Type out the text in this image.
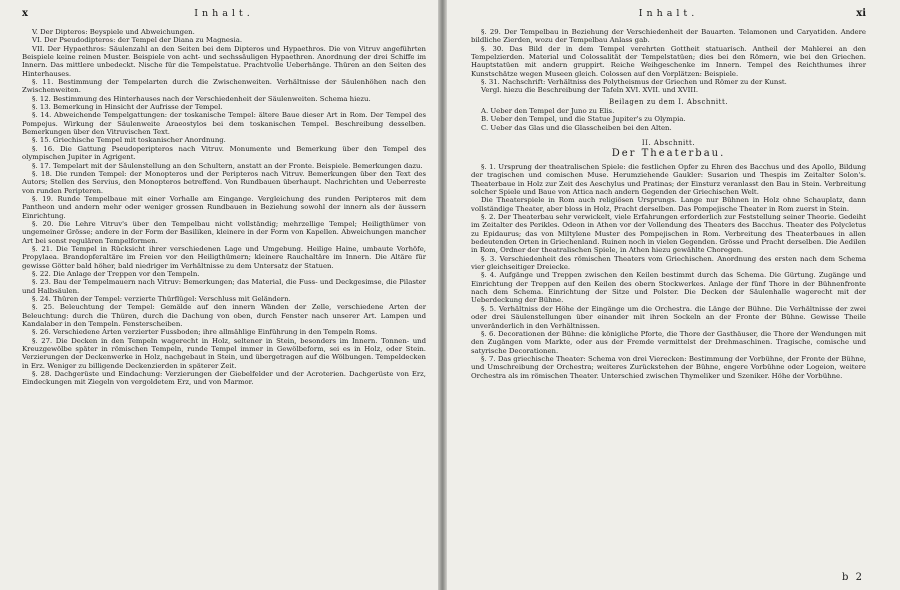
x	Inhalt.

V. Der Dipteros: Beyspiele und Abweichungen.

VI. Der Pseudodipteros: der Tempel der Diana zu Magnesia.

VII. Der Hypaethros: Säulenzahl an den Seiten bei dem Dipteros und Hypaethros. Die von Vitruv angeführten Beispiele keine reinen Muster. Beispiele von acht- und sechssäuligen Hypaethren. Anordnung der drei Schiffe im Innern. Das mittlere unbedeckt. Nische für die Tempelstatue. Prachtvolle Ueberhänge. Thüren an den Seiten des Hinterhauses.

§. 11. Bestimmung der Tempelarten durch die Zwischenweiten. Verhältnisse der Säulenhöhen nach den Zwischenweiten.

§. 12. Bestimmung des Hinterhauses nach der Verschiedenheit der Säulenweiten. Schema hiezu.

§. 13. Bemerkung in Hinsicht der Aufrisse der Tempel.

§. 14. Abweichende Tempelgattungen: der toskanische Tempel: ältere Baue dieser Art in Rom. Der Tempel des Pompejus. Wirkung der Säulenweite Araeostylos bei dem toskanischen Tempel. Beschreibung desselben. Bemerkungen über den Vitruvischen Text.

§. 15. Griechische Tempel mit toskanischer Anordnung.

§. 16. Die Gattung Pseudoperipteros nach Vitruv. Monumente und Bemerkung über den Tempel des olympischen Jupiter in Agrigent.

§. 17. Tempelart mit der Säulenstellung an den Schultern, anstatt an der Fronte. Beispiele. Bemerkungen dazu.

§. 18. Die runden Tempel: der Monopteros und der Peripteros nach Vitruv. Bemerkungen über den Text des Autors; Stellen des Servius, den Monopteros betreffend. Von Rundbauen überhaupt. Nachrichten und Ueberreste von runden Peripteren.

§. 19. Runde Tempelbaue mit einer Vorhalle am Eingange. Vergleichung des runden Peripteros mit dem Pantheon und andern mehr oder weniger grossen Rundbauen in Beziehung sowohl der innern als der äussern Einrichtung.

§. 20. Die Lehre Vitruv's über den Tempelbau nicht vollständig; mehrzellige Tempel; Heiligthümer von ungemeiner Grösse; andere in der Form der Basiliken, kleinere in der Form von Kapellen. Abweichungen mancher Art bei sonst regulären Tempelformen.

§. 21. Die Tempel in Rücksicht ihrer verschiedenen Lage und Umgebung. Heilige Haine, umbaute Vorhöfe, Propylaea. Brandopferaltäre im Freien vor den Heiligthümern; kleinere Rauchaltäre im Innern. Die Altäre für gewisse Götter bald höher, bald niedriger im Verhältnisse zu dem Untersatz der Statuen.

§. 22. Die Anlage der Treppen vor den Tempeln.

§. 23. Bau der Tempelmauern nach Vitruv: Bemerkungen; das Material, die Fuss- und Deckgesimse, die Pilaster und Halbsäulen.

§. 24. Thüren der Tempel: verzierte Thürflügel: Verschluss mit Geländern.

§. 25. Beleuchtung der Tempel: Gemälde auf den innern Wänden der Zelle, verschiedene Arten der Beleuchtung: durch die Thüren, durch die Dachung von oben, durch Fenster nach unserer Art. Lampen und Kandalaber in den Tempeln. Fensterscheiben.

§. 26. Verschiedene Arten verzierter Fussboden; ihre allmählige Einführung in den Tempeln Roms.

§. 27. Die Decken in den Tempeln wagerecht in Holz, seltener in Stein, besonders im Innern. Tonnen- und Kreuzgewölbe später in römischen Tempeln, runde Tempel immer in Gewölbeform, sei es in Holz, oder Stein. Verzierungen der Deckenwerke in Holz, nachgebaut in Stein, und übergetragen auf die Wölbungen. Tempeldecken in Erz. Weniger zu billigende Deckenzierden in späterer Zeit.

§. 28. Dachgerüste und Eindachung: Verzierungen der Giebelfelder und der Acroterien. Dachgerüste von Erz, Eindeckungen mit Ziegeln von vergoldetem Erz, und von Marmor.

Inhalt.	xi

§. 29. Der Tempelbau in Beziehung der Verschiedenheit der Bauarten. Telamonen und Caryatiden. Andere bildliche Zierden, wozu der Tempelbau Anlass gab.

§. 30. Das Bild der in dem Tempel verehrten Gottheit statuarisch. Antheil der Mahlerei an den Tempelzierden. Material und Colossalität der Tempelstatüen; dies bei den Römern, wie bei den Griechen. Hauptstatüen mit andern gruppirt. Reiche Weihgeschenke im Innern. Tempel des Reichthumes ihrer Kunstschätze wegen Museen gleich. Colossen auf den Vorplätzen: Beispiele.

§. 31. Nachschrift: Verhältniss des Polytheismus der Griechen und Römer zu der Kunst.

Vergl. hiezu die Beschreibung der Tafeln XVI. XVII. und XVIII.

Beilagen zu dem I. Abschnitt.

A. Ueber den Tempel der Juno zu Elis.

B. Ueber den Tempel, und die Statue Jupiter's zu Olympia.

C. Ueber das Glas und die Glasscheiben bei den Alten.

II. Abschnitt.
Der Theaterbau.

§. 1. Ursprung der theatralischen Spiele: die festlichen Opfer zu Ehren des Bacchus und des Apollo, Bildung der tragischen und comischen Muse. Herumziehende Gaukler: Susarion und Thespis im Zeitalter Solon's. Theaterbaue in Holz zur Zeit des Aeschylus und Pratinas; der Einsturz veranlasst den Bau in Stein. Verbreitung solcher Spiele und Baue von Attica nach andern Gegenden der Griechischen Welt.

Die Theaterspiele in Rom auch religiösen Ursprungs. Lange nur Bühnen in Holz ohne Schauplatz, dann vollständige Theater, aber bloss in Holz, Pracht derselben. Das Pompejische Theater in Rom zuerst in Stein.

§. 2. Der Theaterbau sehr verwickelt, viele Erfahrungen erforderlich zur Feststellung seiner Theorie. Gedeiht im Zeitalter des Perikles. Odeon in Athen vor der Vollendung des Theaters des Bacchus. Theater des Polycletus zu Epidaurus; das von Miltylene Muster des Pompejischen in Rom. Verbreitung des Theaterbaues in allen bedeutenden Orten in Griechenland. Ruinen noch in vielen Gegenden. Grösse und Pracht derselben. Die Aedilen in Rom, Ordner der theatralischen Spiele, in Athen hiezu gewählte Choregen.

§. 3. Verschiedenheit des römischen Theaters vom Griechischen. Anordnung des ersten nach dem Schema vier gleichseitiger Dreiecke.

§. 4. Aufgänge und Treppen zwischen den Keilen bestimmt durch das Schema. Die Gürtung. Zugänge und Einrichtung der Treppen auf den Keilen des obern Stockwerkes. Anlage der fünf Thore in der Bühnenfronte nach dem Schema. Einrichtung der Sitze und Polster. Die Decken der Säulenhalle wagerecht mit der Ueberdeckung der Bühne.

§. 5. Verhältniss der Höhe der Eingänge um die Orchestra. die Länge der Bühne. Die Verhältnisse der zwei oder drei Säulenstellungen über einander mit ihren Sockeln an der Fronte der Bühne. Gewisse Theile unveränderlich in den Verhältnissen.

§. 6. Decorationen der Bühne: die königliche Pforte, die Thore der Gasthäuser, die Thore der Wendungen mit den Zugängen vom Markte, oder aus der Fremde vermittelst der Drehmaschinen. Tragische, comische und satyrische Decorationen.

§. 7. Das griechische Theater: Schema von drei Vierecken: Bestimmung der Vorbühne, der Fronte der Bühne, und Umschreibung der Orchestra; weiteres Zurückstehen der Bühne, engere Vorbühne oder Logeion, weitere Orchestra als im römischen Theater. Unterschied zwischen Thymeliker und Szeniker. Höhe der Vorbühne.

b 2
